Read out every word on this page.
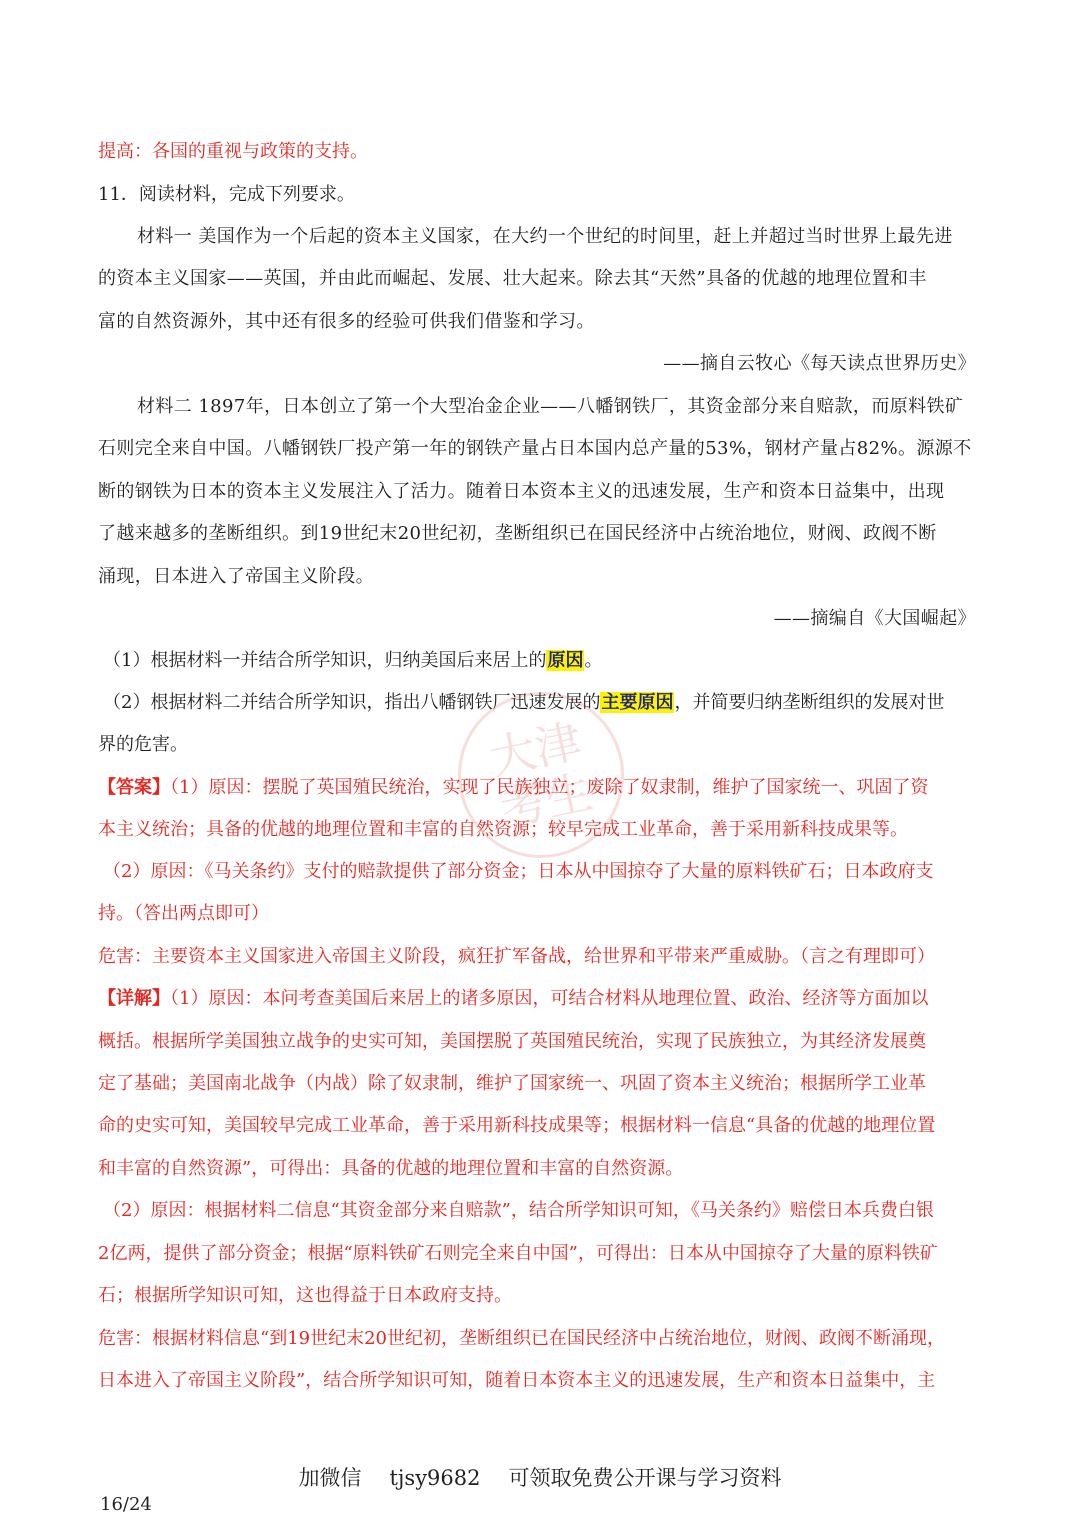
提高：各国的重视与政策的支持。
11．阅读材料，完成下列要求。
材料一 美国作为一个后起的资本主义国家，在大约一个世纪的时间里，赶上并超过当时世界上最先进
的资本主义国家——英国，并由此而崛起、发展、壮大起来。除去其“天然”具备的优越的地理位置和丰
富的自然资源外，其中还有很多的经验可供我们借鉴和学习。
——摘自云牧心《每天读点世界历史》
材料二 1897年，日本创立了第一个大型冶金企业——八幡钢铁厂，其资金部分来自赔款，而原料铁矿
石则完全来自中国。八幡钢铁厂投产第一年的钢铁产量占日本国内总产量的53%，钢材产量占82%。源源不
断的钢铁为日本的资本主义发展注入了活力。随着日本资本主义的迅速发展，生产和资本日益集中，出现
了越来越多的垄断组织。到19世纪末20世纪初，垄断组织已在国民经济中占统治地位，财阀、政阀不断
涌现，日本进入了帝国主义阶段。
——摘编自《大国崛起》
（1）根据材料一并结合所学知识，归纳美国后来居上的原因。
（2）根据材料二并结合所学知识，指出八幡钢铁厂迅速发展的主要原因，并简要归纳垄断组织的发展对世
界的危害。	大津
考生
【答案】（1）原因：摆脱了英国殖民统治，实现了民族独立；废除了奴隶制，维护了国家统一、巩固了资
本主义统治；具备的优越的地理位置和丰富的自然资源；较早完成工业革命，善于采用新科技成果等。
（2）原因：《马关条约》支付的赔款提供了部分资金；日本从中国掠夺了大量的原料铁矿石；日本政府支
持。（答出两点即可）
危害：主要资本主义国家进入帝国主义阶段，疯狂扩军备战，给世界和平带来严重威胁。（言之有理即可）
【详解】（1）原因：本问考查美国后来居上的诸多原因，可结合材料从地理位置、政治、经济等方面加以
概括。根据所学美国独立战争的史实可知，美国摆脱了英国殖民统治，实现了民族独立，为其经济发展奠
定了基础；美国南北战争（内战）除了奴隶制，维护了国家统一、巩固了资本主义统治；根据所学工业革
命的史实可知，美国较早完成工业革命，善于采用新科技成果等；根据材料一信息“具备的优越的地理位置
和丰富的自然资源”，可得出：具备的优越的地理位置和丰富的自然资源。
（2）原因：根据材料二信息“其资金部分来自赔款”，结合所学知识可知，《马关条约》赔偿日本兵费白银
2亿两，提供了部分资金；根据“原料铁矿石则完全来自中国”，可得出：日本从中国掠夺了大量的原料铁矿
石；根据所学知识可知，这也得益于日本政府支持。
危害：根据材料信息“到19世纪末20世纪初，垄断组织已在国民经济中占统治地位，财阀、政阀不断涌现，
日本进入了帝国主义阶段”，结合所学知识可知，随着日本资本主义的迅速发展，生产和资本日益集中，主
加微信 tjsy9682 可领取免费公开课与学习资料
16/24
